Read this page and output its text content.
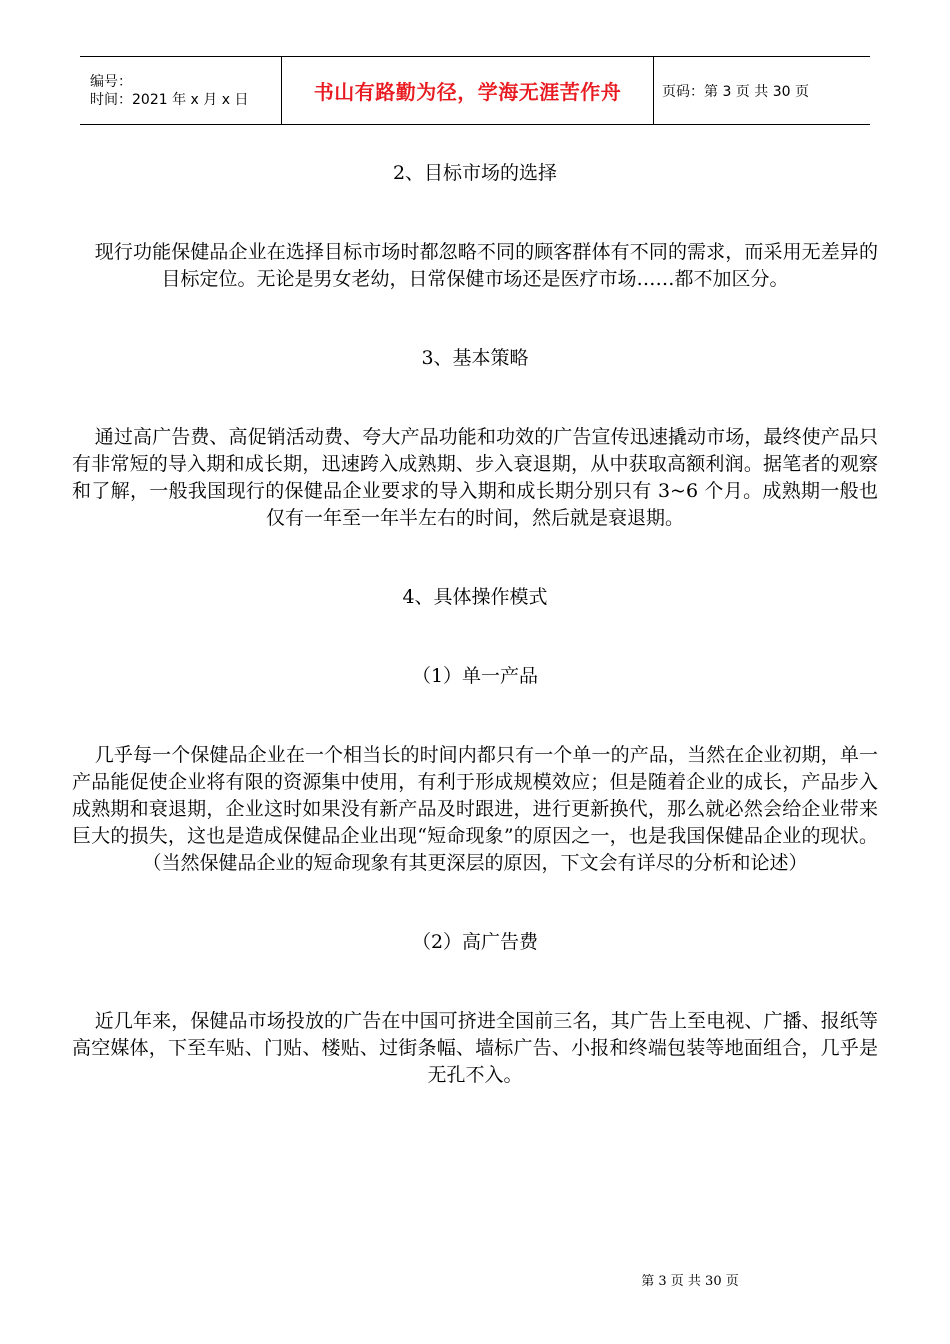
编号：
时间：2021 年 x 月 x 日	书山有路勤为径，学海无涯苦作舟	页码：第 3 页 共 30 页
2、目标市场的选择

现行功能保健品企业在选择目标市场时都忽略不同的顾客群体有不同的需求，而采用无差异的目标定位。无论是男女老幼，日常保健市场还是医疗市场……都不加区分。

3、基本策略

通过高广告费、高促销活动费、夸大产品功能和功效的广告宣传迅速撬动市场，最终使产品只有非常短的导入期和成长期，迅速跨入成熟期、步入衰退期，从中获取高额利润。据笔者的观察和了解，一般我国现行的保健品企业要求的导入期和成长期分别只有 3~6 个月。成熟期一般也仅有一年至一年半左右的时间，然后就是衰退期。

4、具体操作模式
（1）单一产品

几乎每一个保健品企业在一个相当长的时间内都只有一个单一的产品，当然在企业初期，单一产品能促使企业将有限的资源集中使用，有利于形成规模效应；但是随着企业的成长，产品步入成熟期和衰退期，企业这时如果没有新产品及时跟进，进行更新换代，那么就必然会给企业带来巨大的损失，这也是造成保健品企业出现“短命现象”的原因之一，也是我国保健品企业的现状。（当然保健品企业的短命现象有其更深层的原因，下文会有详尽的分析和论述）

（2）高广告费

近几年来，保健品市场投放的广告在中国可挤进全国前三名，其广告上至电视、广播、报纸等高空媒体，下至车贴、门贴、楼贴、过街条幅、墙标广告、小报和终端包装等地面组合，几乎是无孔不入。

第 3 页 共 30 页
